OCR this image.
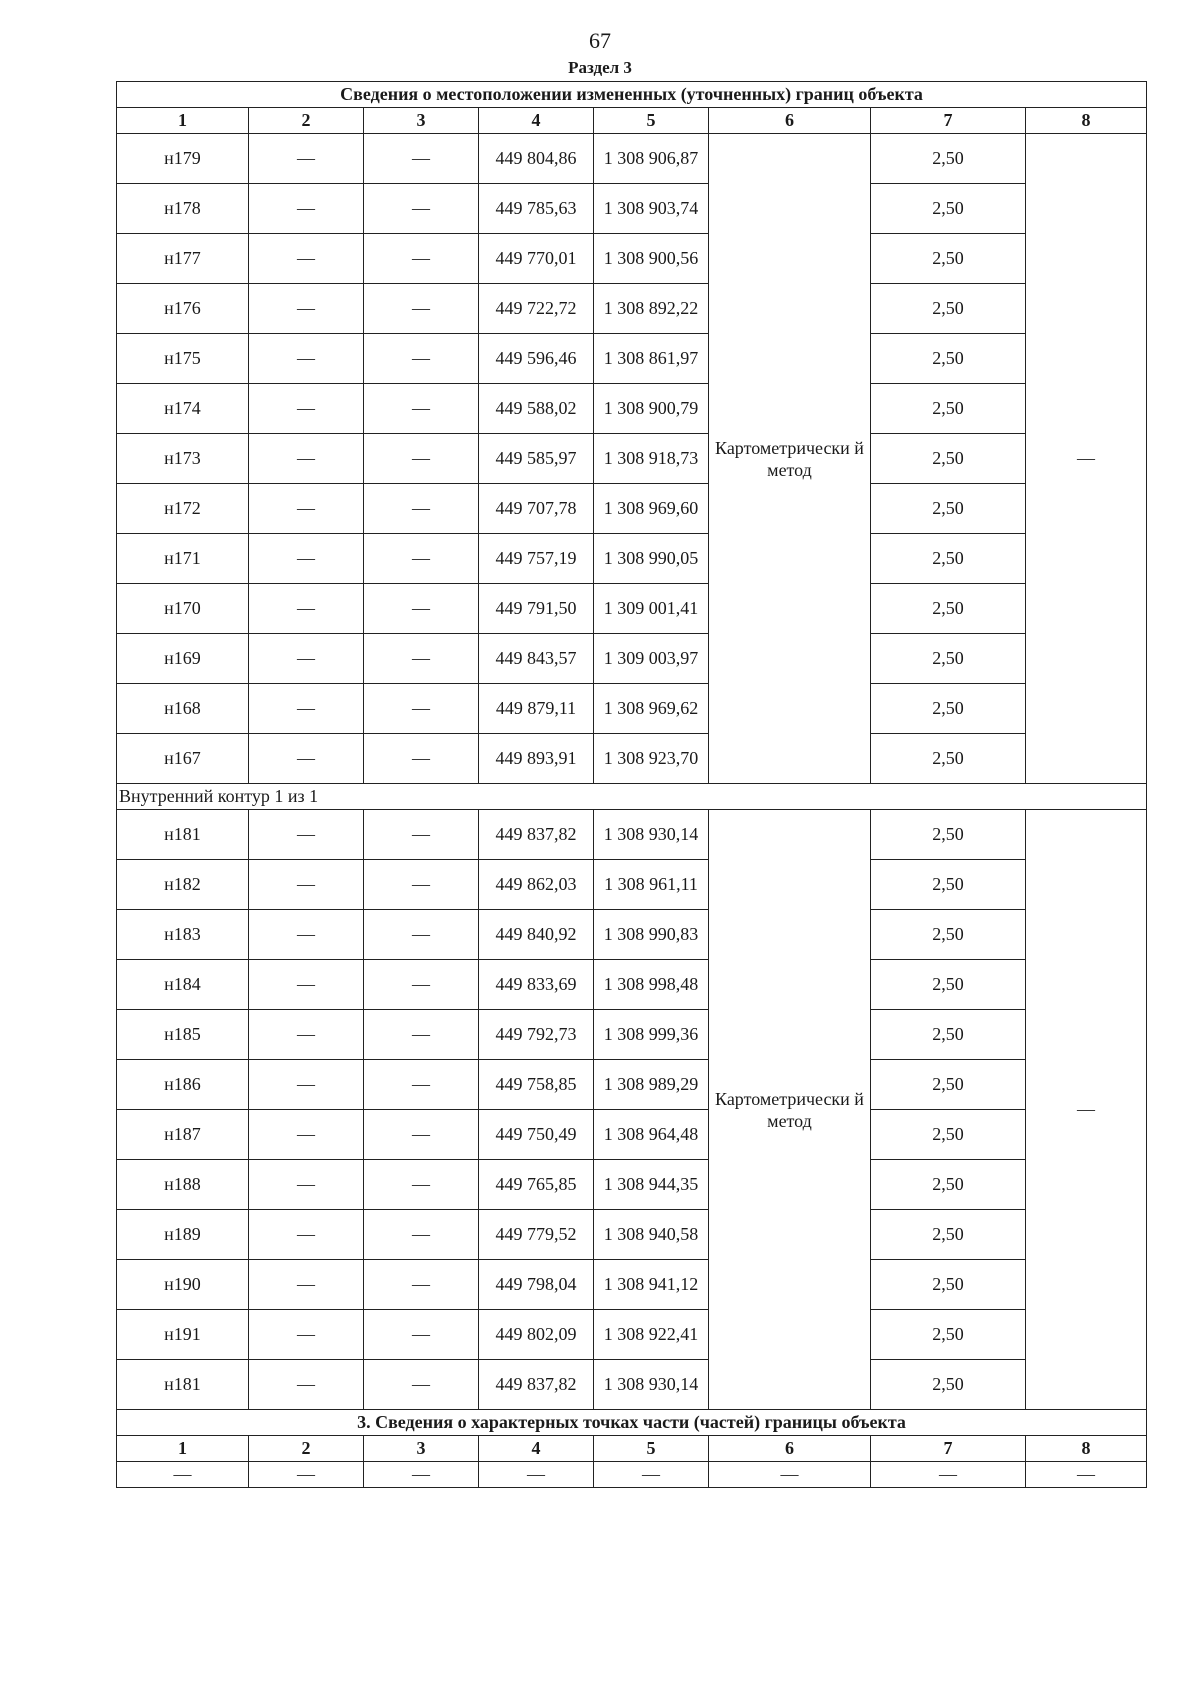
67
Раздел 3
Сведения о местоположении измененных (уточненных) границ объекта							
1	2	3	4	5	6	7	8
н179	—	—	449 804,86	1 308 906,87	Картометрически й метод	2,50	—
н178	—	—	449 785,63	1 308 903,74		2,50	
н177	—	—	449 770,01	1 308 900,56		2,50	
н176	—	—	449 722,72	1 308 892,22		2,50	
н175	—	—	449 596,46	1 308 861,97		2,50	
н174	—	—	449 588,02	1 308 900,79		2,50	
н173	—	—	449 585,97	1 308 918,73		2,50	
н172	—	—	449 707,78	1 308 969,60		2,50	
н171	—	—	449 757,19	1 308 990,05		2,50	
н170	—	—	449 791,50	1 309 001,41		2,50	
н169	—	—	449 843,57	1 309 003,97		2,50	
н168	—	—	449 879,11	1 308 969,62		2,50	
н167	—	—	449 893,91	1 308 923,70		2,50	
Внутренний контур 1 из 1							
н181	—	—	449 837,82	1 308 930,14	Картометрически й метод	2,50	—
н182	—	—	449 862,03	1 308 961,11		2,50	
н183	—	—	449 840,92	1 308 990,83		2,50	
н184	—	—	449 833,69	1 308 998,48		2,50	
н185	—	—	449 792,73	1 308 999,36		2,50	
н186	—	—	449 758,85	1 308 989,29		2,50	
н187	—	—	449 750,49	1 308 964,48		2,50	
н188	—	—	449 765,85	1 308 944,35		2,50	
н189	—	—	449 779,52	1 308 940,58		2,50	
н190	—	—	449 798,04	1 308 941,12		2,50	
н191	—	—	449 802,09	1 308 922,41		2,50	
н181	—	—	449 837,82	1 308 930,14		2,50	
3. Сведения о характерных точках части (частей) границы объекта							
1	2	3	4	5	6	7	8
—	—	—	—	—	—	—	—
